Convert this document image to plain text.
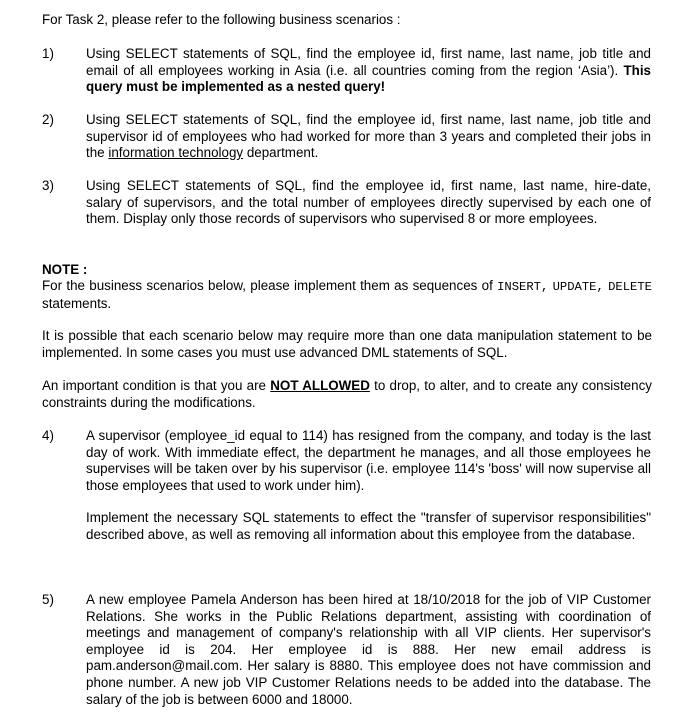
For Task 2, please refer to the following business scenarios :

1) Using SELECT statements of SQL, find the employee id, first name, last name, job title and email of all employees working in Asia (i.e. all countries coming from the region ‘Asia’). This query must be implemented as a nested query!
2) Using SELECT statements of SQL, find the employee id, first name, last name, job title and supervisor id of employees who had worked for more than 3 years and completed their jobs in the information technology department.
3) Using SELECT statements of SQL, find the employee id, first name, last name, hire-date, salary of supervisors, and the total number of employees directly supervised by each one of them. Display only those records of supervisors who supervised 8 or more employees.
NOTE :
For the business scenarios below, please implement them as sequences of INSERT, UPDATE, DELETE statements.
It is possible that each scenario below may require more than one data manipulation statement to be implemented. In some cases you must use advanced DML statements of SQL.
An important condition is that you are NOT ALLOWED to drop, to alter, and to create any consistency constraints during the modifications.
4) A supervisor (employee_id equal to 114) has resigned from the company, and today is the last day of work. With immediate effect, the department he manages, and all those employees he supervises will be taken over by his supervisor (i.e. employee 114's 'boss' will now supervise all those employees that used to work under him).
Implement the necessary SQL statements to effect the "transfer of supervisor responsibilities" described above, as well as removing all information about this employee from the database.
5) A new employee Pamela Anderson has been hired at 18/10/2018 for the job of VIP Customer Relations. She works in the Public Relations department, assisting with coordination of meetings and management of company's relationship with all VIP clients. Her supervisor's employee id is 204. Her employee id is 888. Her new email address is pam.anderson@mail.com. Her salary is 8880. This employee does not have commission and phone number. A new job VIP Customer Relations needs to be added into the database. The salary of the job is between 6000 and 18000.
